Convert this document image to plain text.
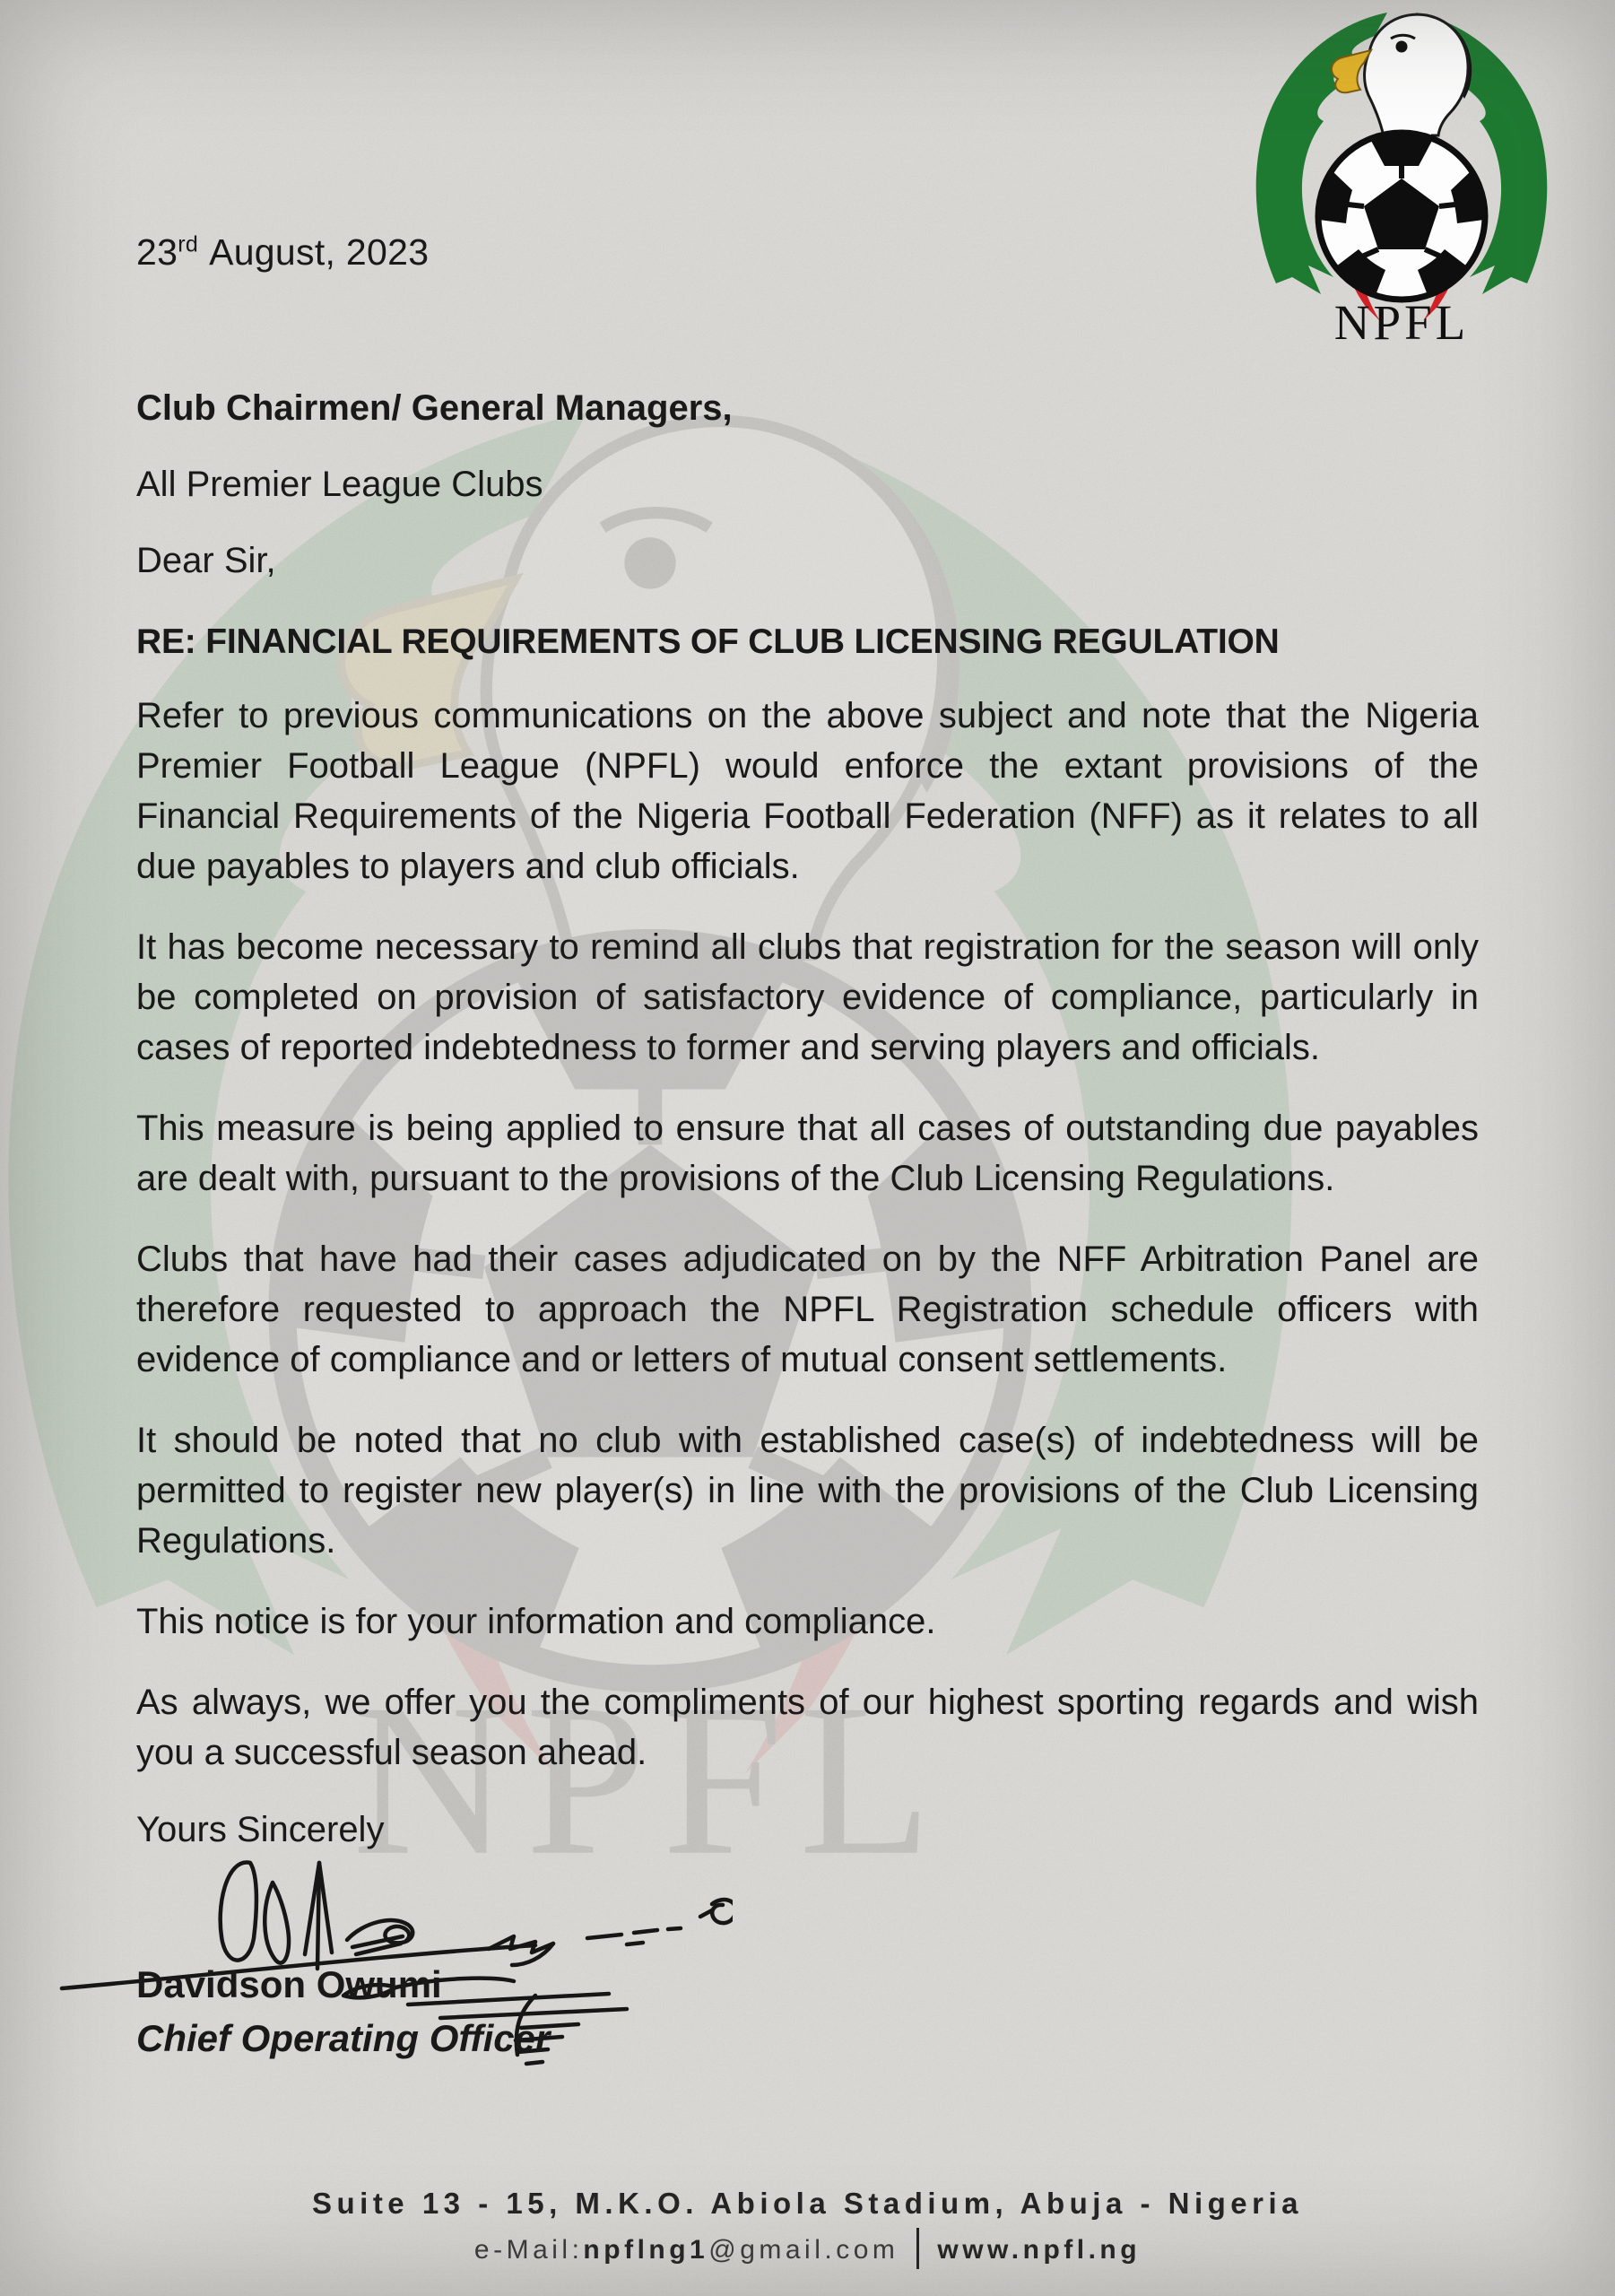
23rd August, 2023
Club Chairmen/ General Managers,
All Premier League Clubs
Dear Sir,
RE: FINANCIAL REQUIREMENTS OF CLUB LICENSING REGULATION

Refer to previous communications on the above subject and note that the Nigeria Premier Football League (NPFL) would enforce the extant provisions of the Financial Requirements of the Nigeria Football Federation (NFF) as it relates to all due payables to players and club officials.

It has become necessary to remind all clubs that registration for the season will only be completed on provision of satisfactory evidence of compliance, particularly in cases of reported indebtedness to former and serving players and officials.

This measure is being applied to ensure that all cases of outstanding due payables are dealt with, pursuant to the provisions of the Club Licensing Regulations.

Clubs that have had their cases adjudicated on by the NFF Arbitration Panel are therefore requested to approach the NPFL Registration schedule officers with evidence of compliance and or letters of mutual consent settlements.

It should be noted that no club with established case(s) of indebtedness will be permitted to register new player(s) in line with the provisions of the Club Licensing Regulations.

This notice is for your information and compliance.

As always, we offer you the compliments of our highest sporting regards and wish you a successful season ahead.

Yours Sincerely
Davidson Owumi
Chief Operating Officer
Suite 13 - 15, M.K.O. Abiola Stadium, Abuja - Nigeria
e-Mail:npflng1@gmail.com www.npfl.ng
